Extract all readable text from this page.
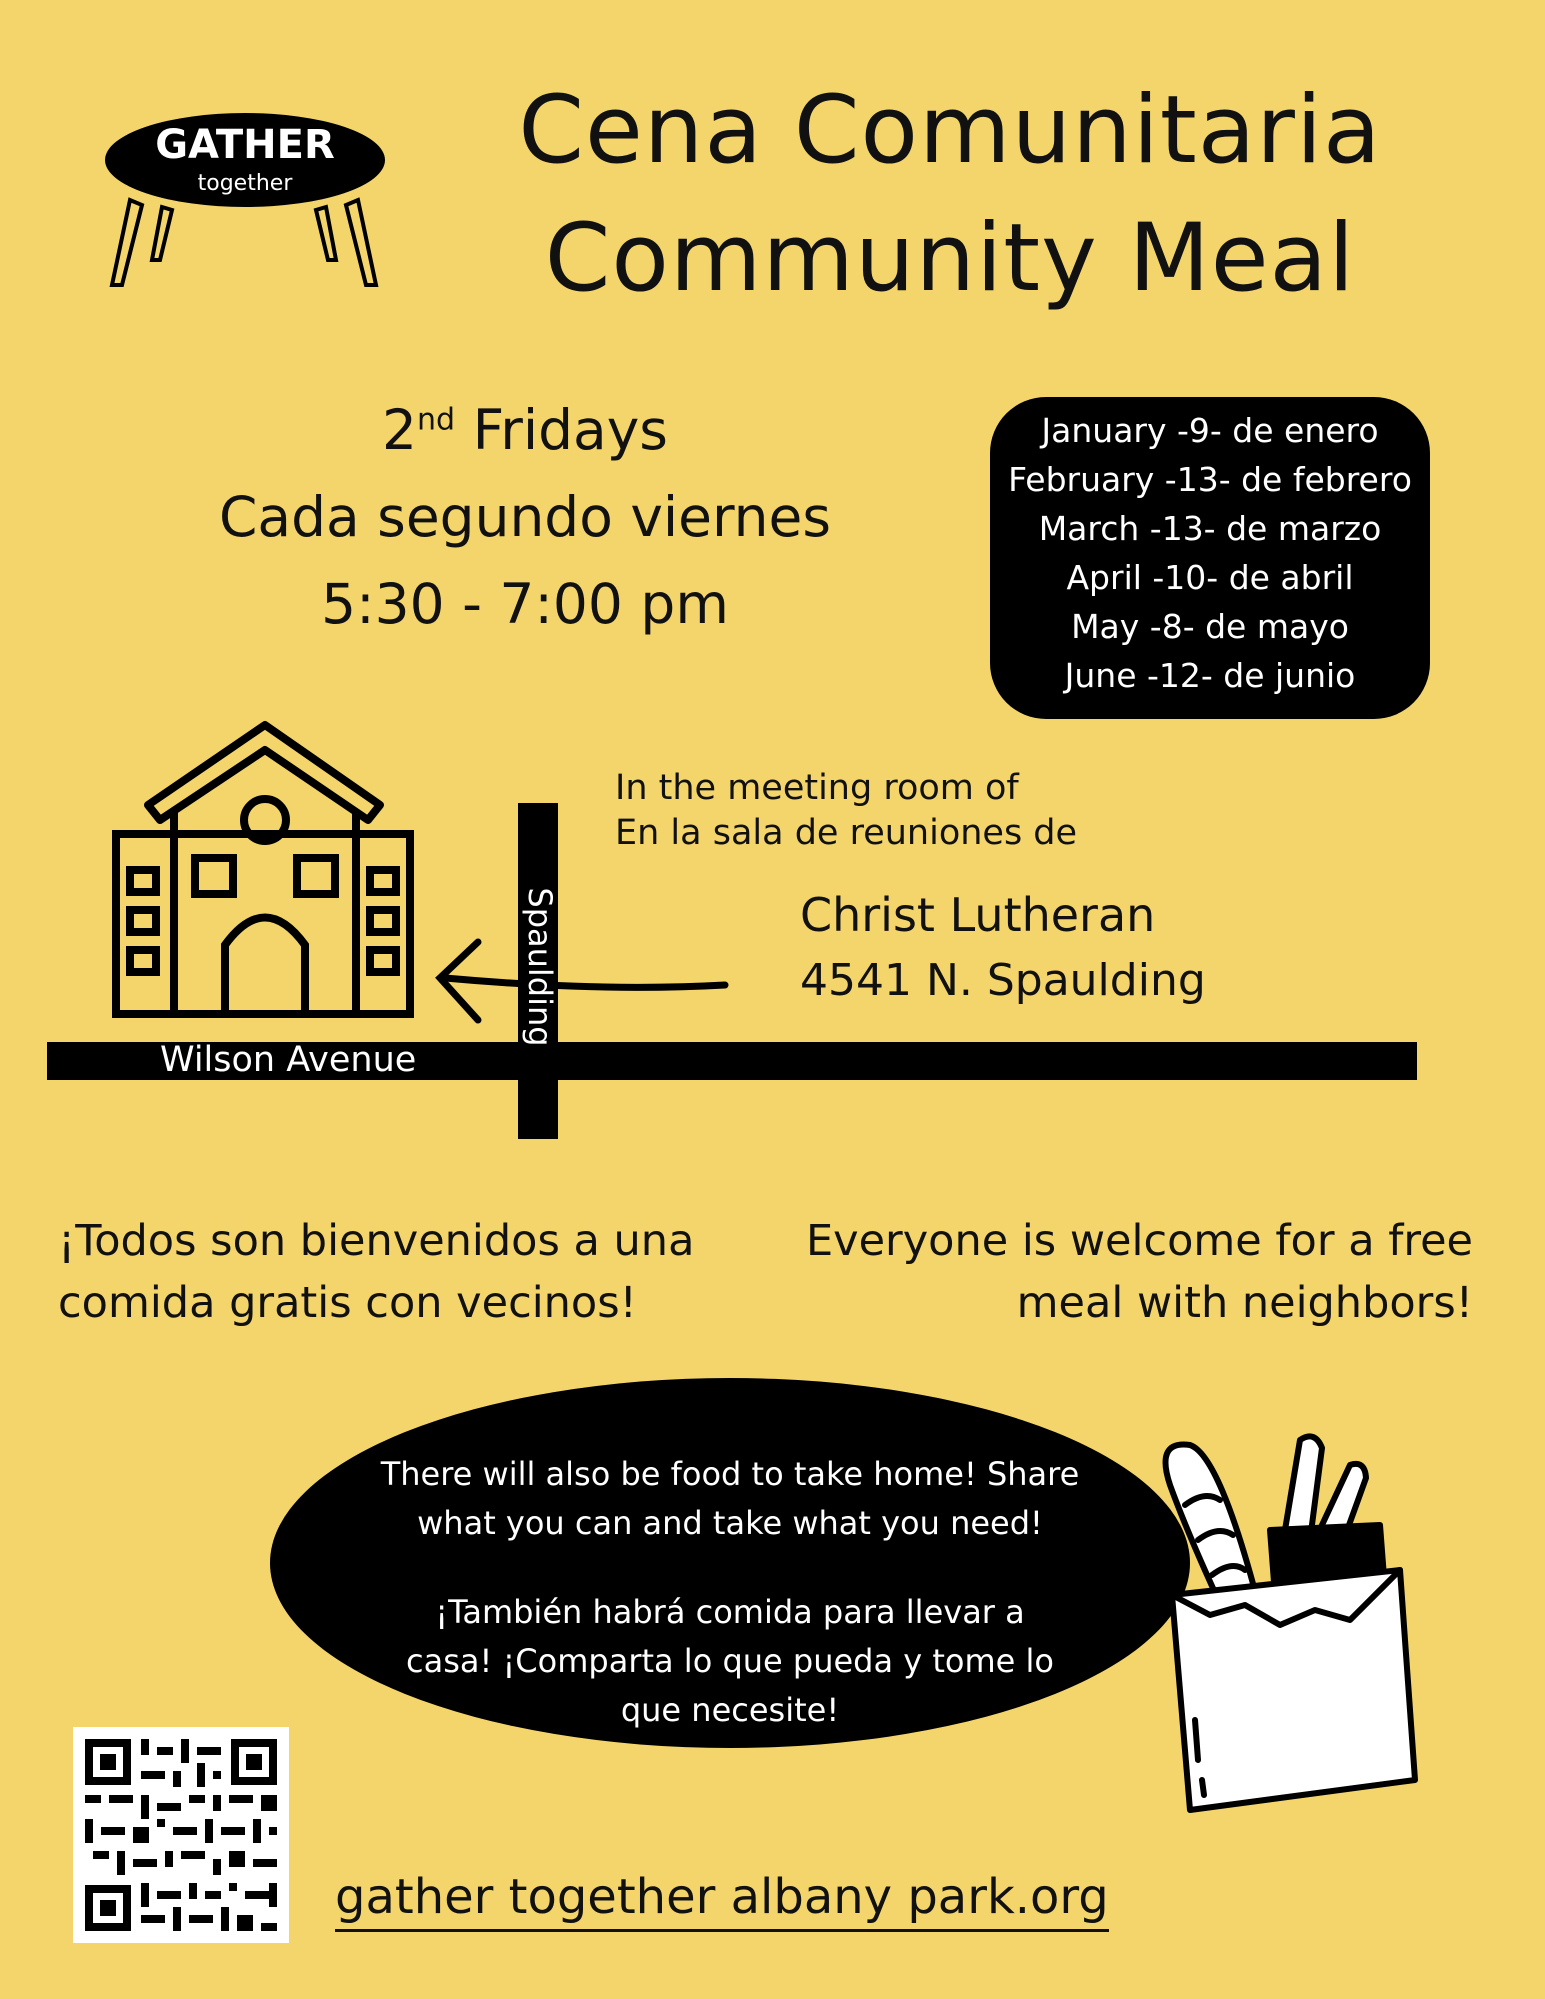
GATHER
together	Cena Comunitaria
Community Meal
2nd Fridays
Cada segundo viernes
5:30 - 7:00 pm
January -9- de enero
February -13- de febrero
March -13- de marzo
April -10- de abril
May -8- de mayo
June -12- de junio
Wilson Avenue
Spaulding
In the meeting room of
En la sala de reuniones de
Christ Lutheran
4541 N. Spaulding
¡Todos son bienvenidos a una
comida gratis con vecinos!
Everyone is welcome for a free
meal with neighbors!
There will also be food to take home! Share
what you can and take what you need!
¡También habrá comida para llevar a
casa! ¡Comparta lo que pueda y tome lo
que necesite!
gather together albany park.org
